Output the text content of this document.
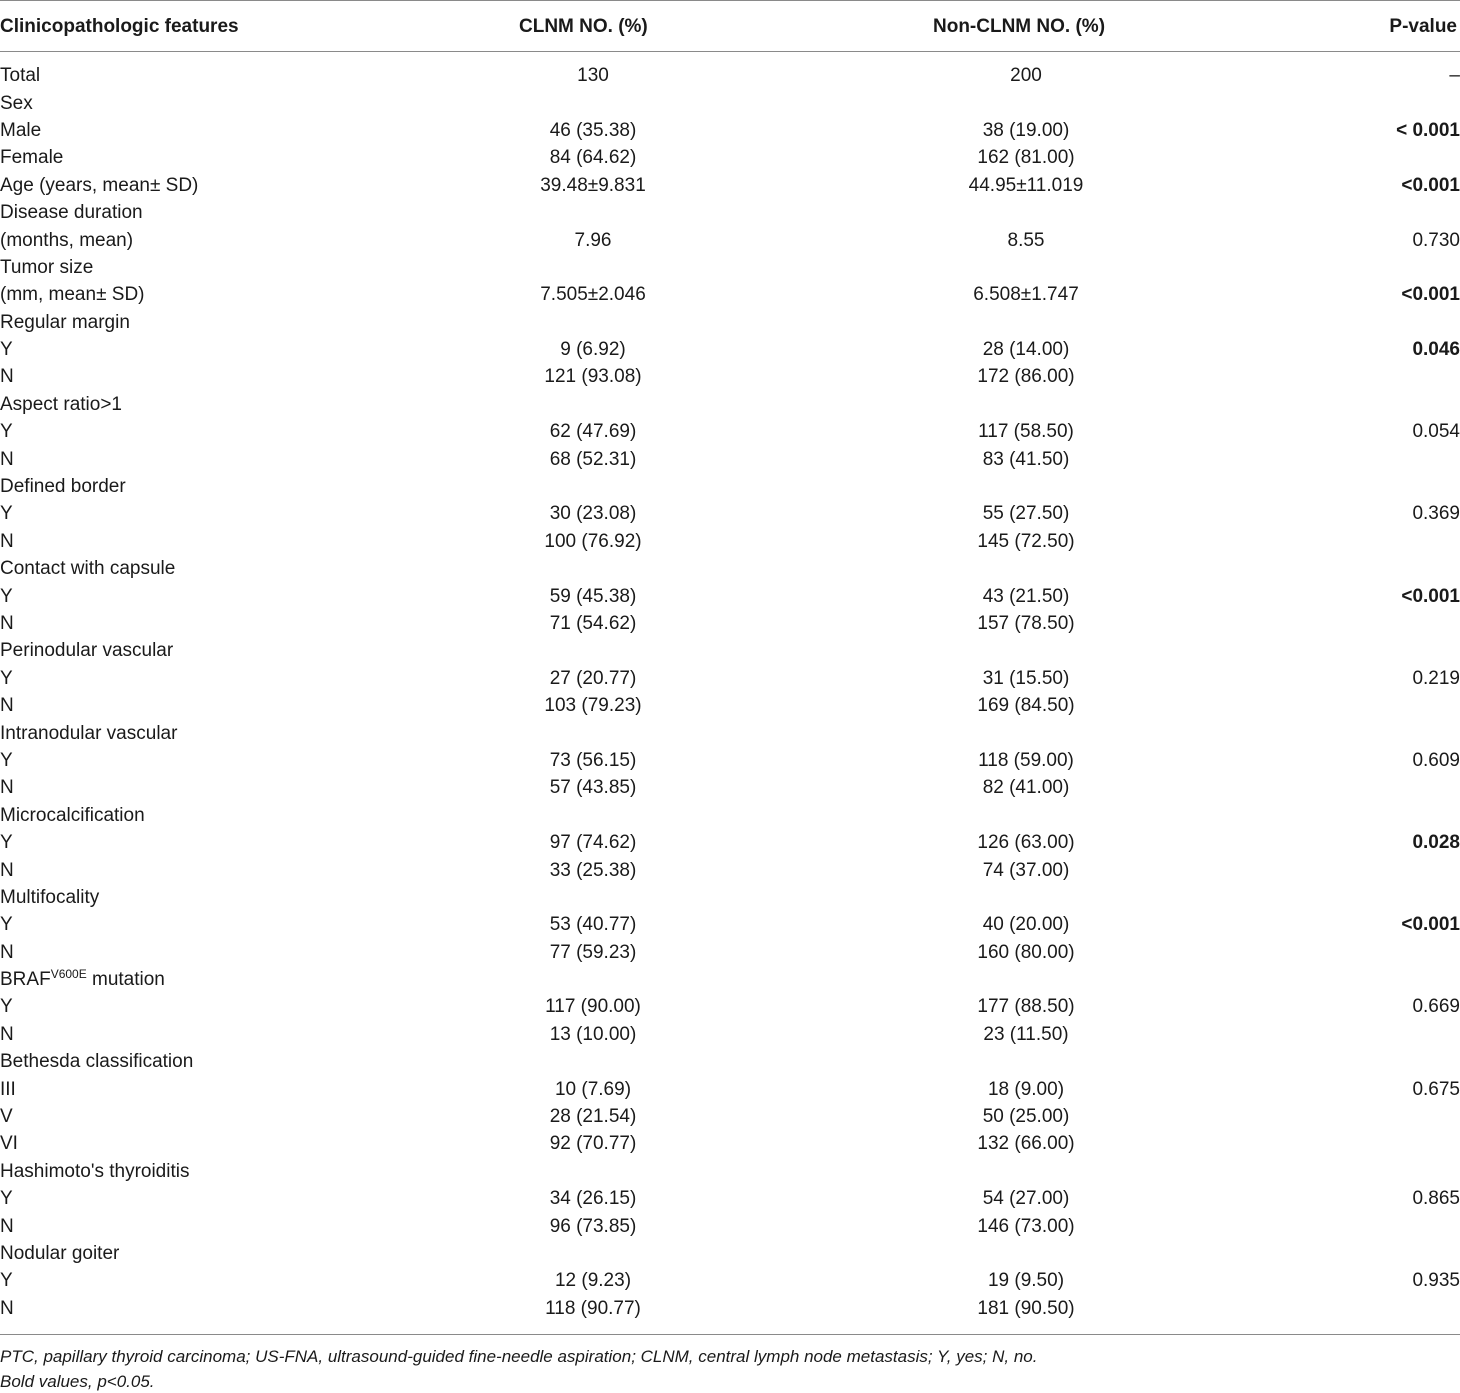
Clinicopathologic features	CLNM NO. (%)	Non-CLNM NO. (%)	P-value
Total	130	200	–
Sex			
Male	46 (35.38)	38 (19.00)	< 0.001
Female	84 (64.62)	162 (81.00)	
Age (years, mean± SD)	39.48±9.831	44.95±11.019	<0.001
Disease duration			
(months, mean)	7.96	8.55	0.730
Tumor size			
(mm, mean± SD)	7.505±2.046	6.508±1.747	<0.001
Regular margin			
Y	9 (6.92)	28 (14.00)	0.046
N	121 (93.08)	172 (86.00)	
Aspect ratio>1			
Y	62 (47.69)	117 (58.50)	0.054
N	68 (52.31)	83 (41.50)	
Defined border			
Y	30 (23.08)	55 (27.50)	0.369
N	100 (76.92)	145 (72.50)	
Contact with capsule			
Y	59 (45.38)	43 (21.50)	<0.001
N	71 (54.62)	157 (78.50)	
Perinodular vascular			
Y	27 (20.77)	31 (15.50)	0.219
N	103 (79.23)	169 (84.50)	
Intranodular vascular			
Y	73 (56.15)	118 (59.00)	0.609
N	57 (43.85)	82 (41.00)	
Microcalcification			
Y	97 (74.62)	126 (63.00)	0.028
N	33 (25.38)	74 (37.00)	
Multifocality			
Y	53 (40.77)	40 (20.00)	<0.001
N	77 (59.23)	160 (80.00)	
$BRAF^{V600E}$ mutation			
Y	117 (90.00)	177 (88.50)	0.669
N	13 (10.00)	23 (11.50)	
Bethesda classification			
III	10 (7.69)	18 (9.00)	0.675
V	28 (21.54)	50 (25.00)	
VI	92 (70.77)	132 (66.00)	
Hashimoto's thyroiditis			
Y	34 (26.15)	54 (27.00)	0.865
N	96 (73.85)	146 (73.00)	
Nodular goiter			
Y	12 (9.23)	19 (9.50)	0.935
N	118 (90.77)	181 (90.50)	
PTC, papillary thyroid carcinoma; US-FNA, ultrasound-guided fine-needle aspiration; CLNM, central lymph node metastasis; Y, yes; N, no.
Bold values, p<0.05.
